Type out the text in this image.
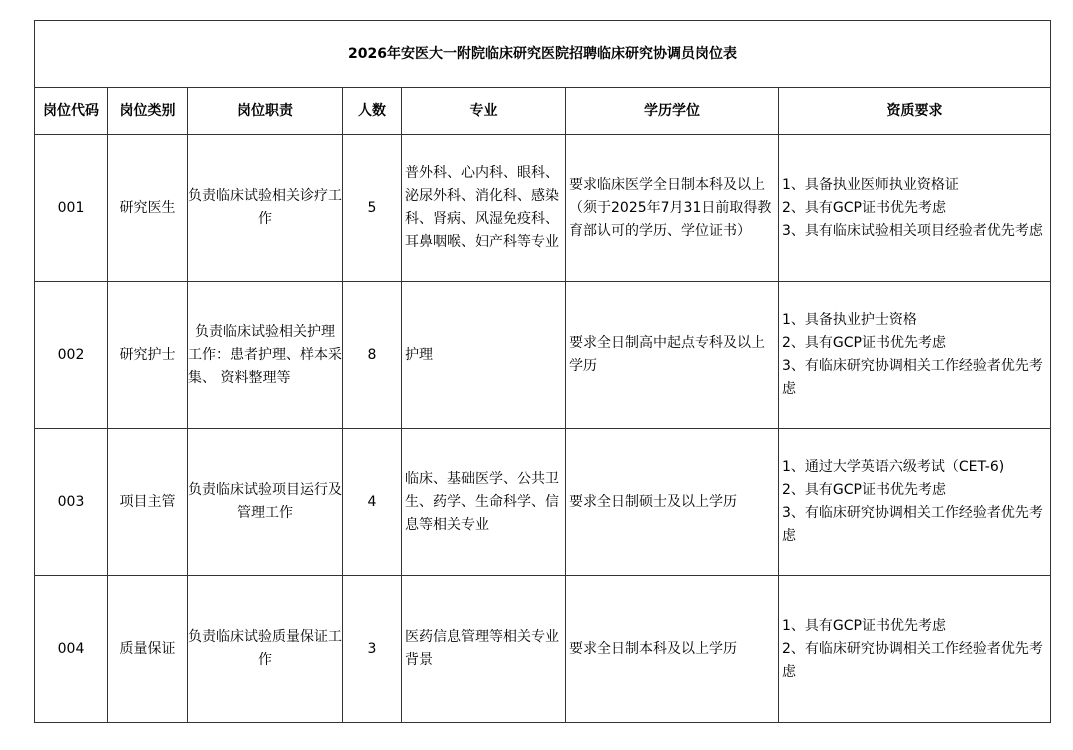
2026年安医大一附院临床研究医院招聘临床研究协调员岗位表						
岗位代码	岗位类别	岗位职责	人数	专业	学历学位	资质要求
001	研究医生	负责临床试验相关诊疗工作	5	普外科、心内科、眼科、泌尿外科、消化科、感染科、肾病、风湿免疫科、耳鼻咽喉、妇产科等专业	要求临床医学全日制本科及以上（须于2025年7月31日前取得教育部认可的学历、学位证书）	1、具备执业医师执业资格证
2、具有GCP证书优先考虑
3、具有临床试验相关项目经验者优先考虑

002	研究护士	负责临床试验相关护理
工作：患者护理、样本采集、 资料整理等	8	护理	要求全日制高中起点专科及以上学历	1、具备执业护士资格
2、具有GCP证书优先考虑
3、有临床研究协调相关工作经验者优先考虑

003	项目主管	负责临床试验项目运行及管理工作	4	临床、基础医学、公共卫生、药学、生命科学、信息等相关专业	要求全日制硕士及以上学历	1、通过大学英语六级考试（CET-6)
2、具有GCP证书优先考虑
3、有临床研究协调相关工作经验者优先考虑

004	质量保证	负责临床试验质量保证工作	3	医药信息管理等相关专业背景	要求全日制本科及以上学历	1、具有GCP证书优先考虑
2、有临床研究协调相关工作经验者优先考虑
